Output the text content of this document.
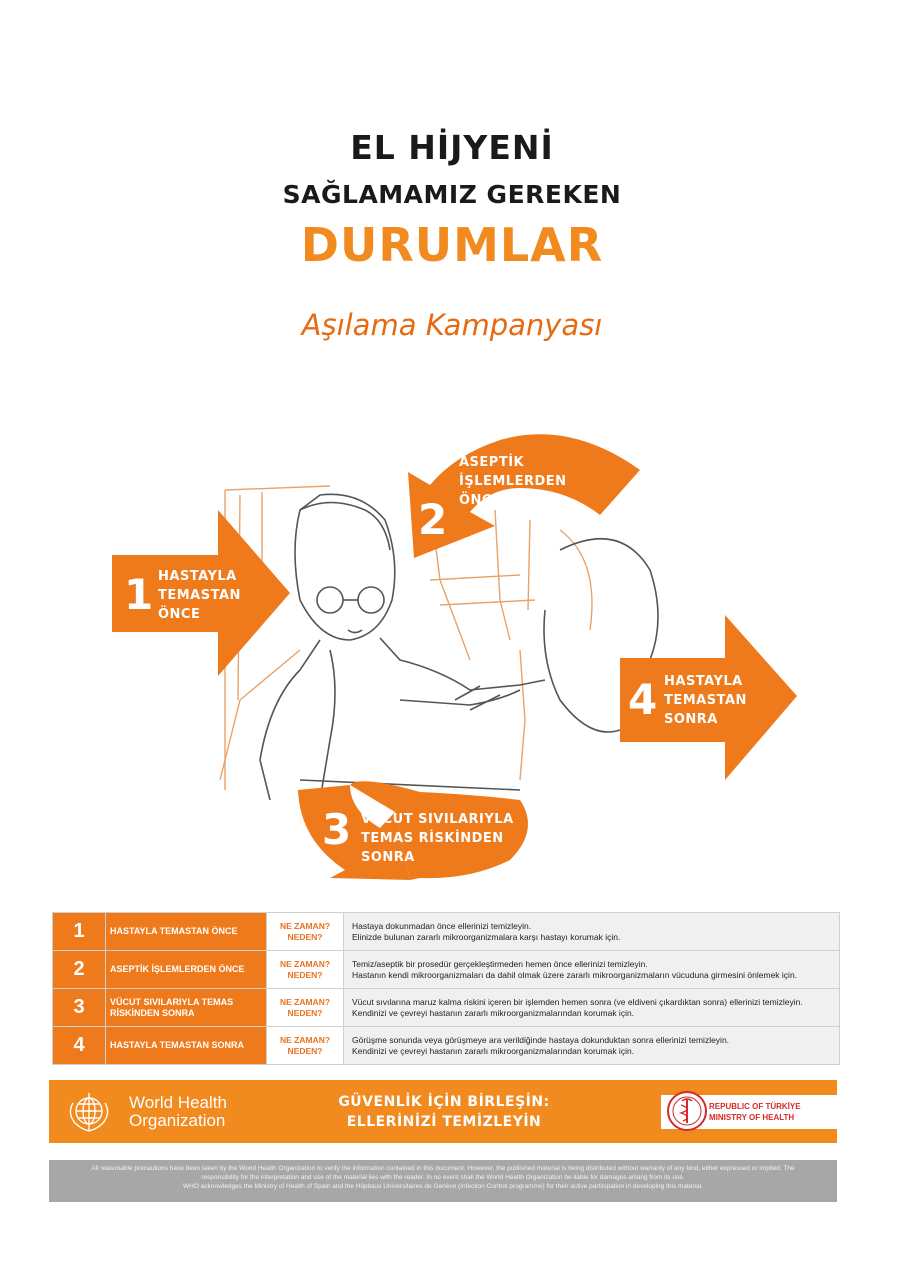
EL HİJYENİ
SAĞLAMAMIZ GEREKEN
DURUMLAR
Aşılama Kampanyası
1 HASTAYLA
TEMASTAN
ÖNCE
2
ASEPTİK
İŞLEMLERDEN
ÖNCE
3 VÜCUT SIVILARIYLA
TEMAS RİSKİNDEN
SONRA
4 HASTAYLA
TEMASTAN
SONRA
1	HASTAYLA TEMASTAN ÖNCE	NE ZAMAN?
NEDEN?	Hastaya dokunmadan önce ellerinizi temizleyin.
Elinizde bulunan zararlı mikroorganizmalara karşı hastayı korumak için.
2	ASEPTİK İŞLEMLERDEN ÖNCE	NE ZAMAN?
NEDEN?	Temiz/aseptik bir prosedür gerçekleştirmeden hemen önce ellerinizi temizleyin.
Hastanın kendi mikroorganizmaları da dahil olmak üzere zararlı mikroorganizmaların vücuduna girmesini önlemek için.
3	VÜCUT SIVILARIYLA TEMAS RİSKİNDEN SONRA	NE ZAMAN?
NEDEN?	Vücut sıvılarına maruz kalma riskini içeren bir işlemden hemen sonra (ve eldiveni çıkardıktan sonra) ellerinizi temizleyin.
Kendinizi ve çevreyi hastanın zararlı mikroorganizmalarından korumak için.
4	HASTAYLA TEMASTAN SONRA	NE ZAMAN?
NEDEN?	Görüşme sonunda veya görüşmeye ara verildiğinde hastaya dokunduktan sonra ellerinizi temizleyin.
Kendinizi ve çevreyi hastanın zararlı mikroorganizmalarından korumak için.
World Health
Organization
GÜVENLİK İÇİN BİRLEŞİN:
ELLERİNİZİ TEMİZLEYİN
REPUBLIC OF TÜRKİYE
MINISTRY OF HEALTH
All reasonable precautions have been taken by the World Health Organization to verify the information contained in this document. However, the published material is being distributed without warranty of any kind, either expressed or implied. The responsibility for the interpretation and use of the material lies with the reader. In no event shall the World Health Organization be liable for damages arising from its use.
WHO acknowledges the Ministry of Health of Spain and the Hôpitaux Universitaires de Genève (Infection Control programme) for their active participation in developing this material.
